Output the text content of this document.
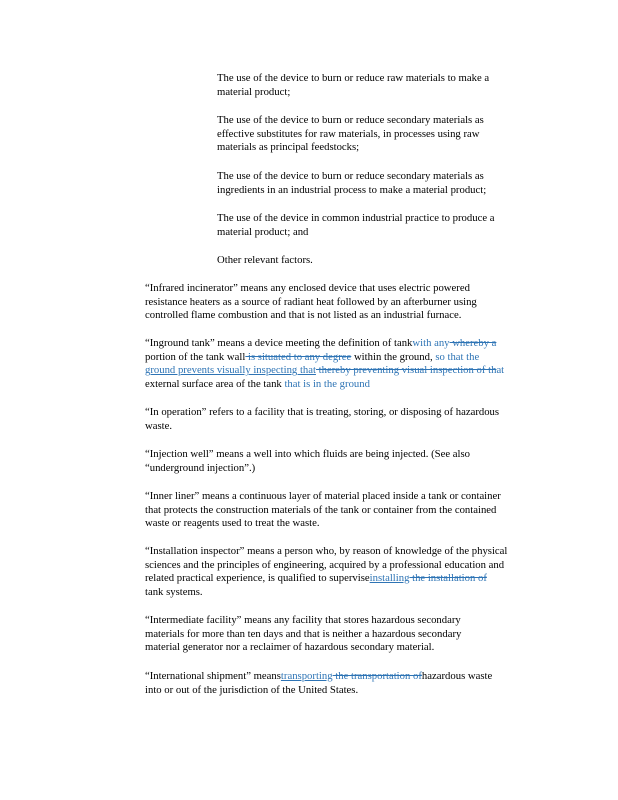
The use of the device to burn or reduce raw materials to make a
material product;

The use of the device to burn or reduce secondary materials as
effective substitutes for raw materials, in processes using raw
materials as principal feedstocks;

The use of the device to burn or reduce secondary materials as
ingredients in an industrial process to make a material product;

The use of the device in common industrial practice to produce a
material product; and

Other relevant factors.

“Infrared incinerator” means any enclosed device that uses electric powered
resistance heaters as a source of radiant heat followed by an afterburner using
controlled flame combustion and that is not listed as an industrial furnace.

“Inground tank” means a device meeting the definition of tankwith any whereby a
portion of the tank wall is situated to any degree within the ground, so that the
ground prevents visually inspecting that thereby preventing visual inspection of that
external surface area of the tank that is in the ground

“In operation” refers to a facility that is treating, storing, or disposing of hazardous
waste.

“Injection well” means a well into which fluids are being injected. (See also
“underground injection”.)

“Inner liner” means a continuous layer of material placed inside a tank or container
that protects the construction materials of the tank or container from the contained
waste or reagents used to treat the waste.

“Installation inspector” means a person who, by reason of knowledge of the physical
sciences and the principles of engineering, acquired by a professional education and
related practical experience, is qualified to superviseinstalling the installation of
tank systems.

“Intermediate facility” means any facility that stores hazardous secondary
materials for more than ten days and that is neither a hazardous secondary
material generator nor a reclaimer of hazardous secondary material.

“International shipment” meanstransporting the transportation ofhazardous waste
into or out of the jurisdiction of the United States.
